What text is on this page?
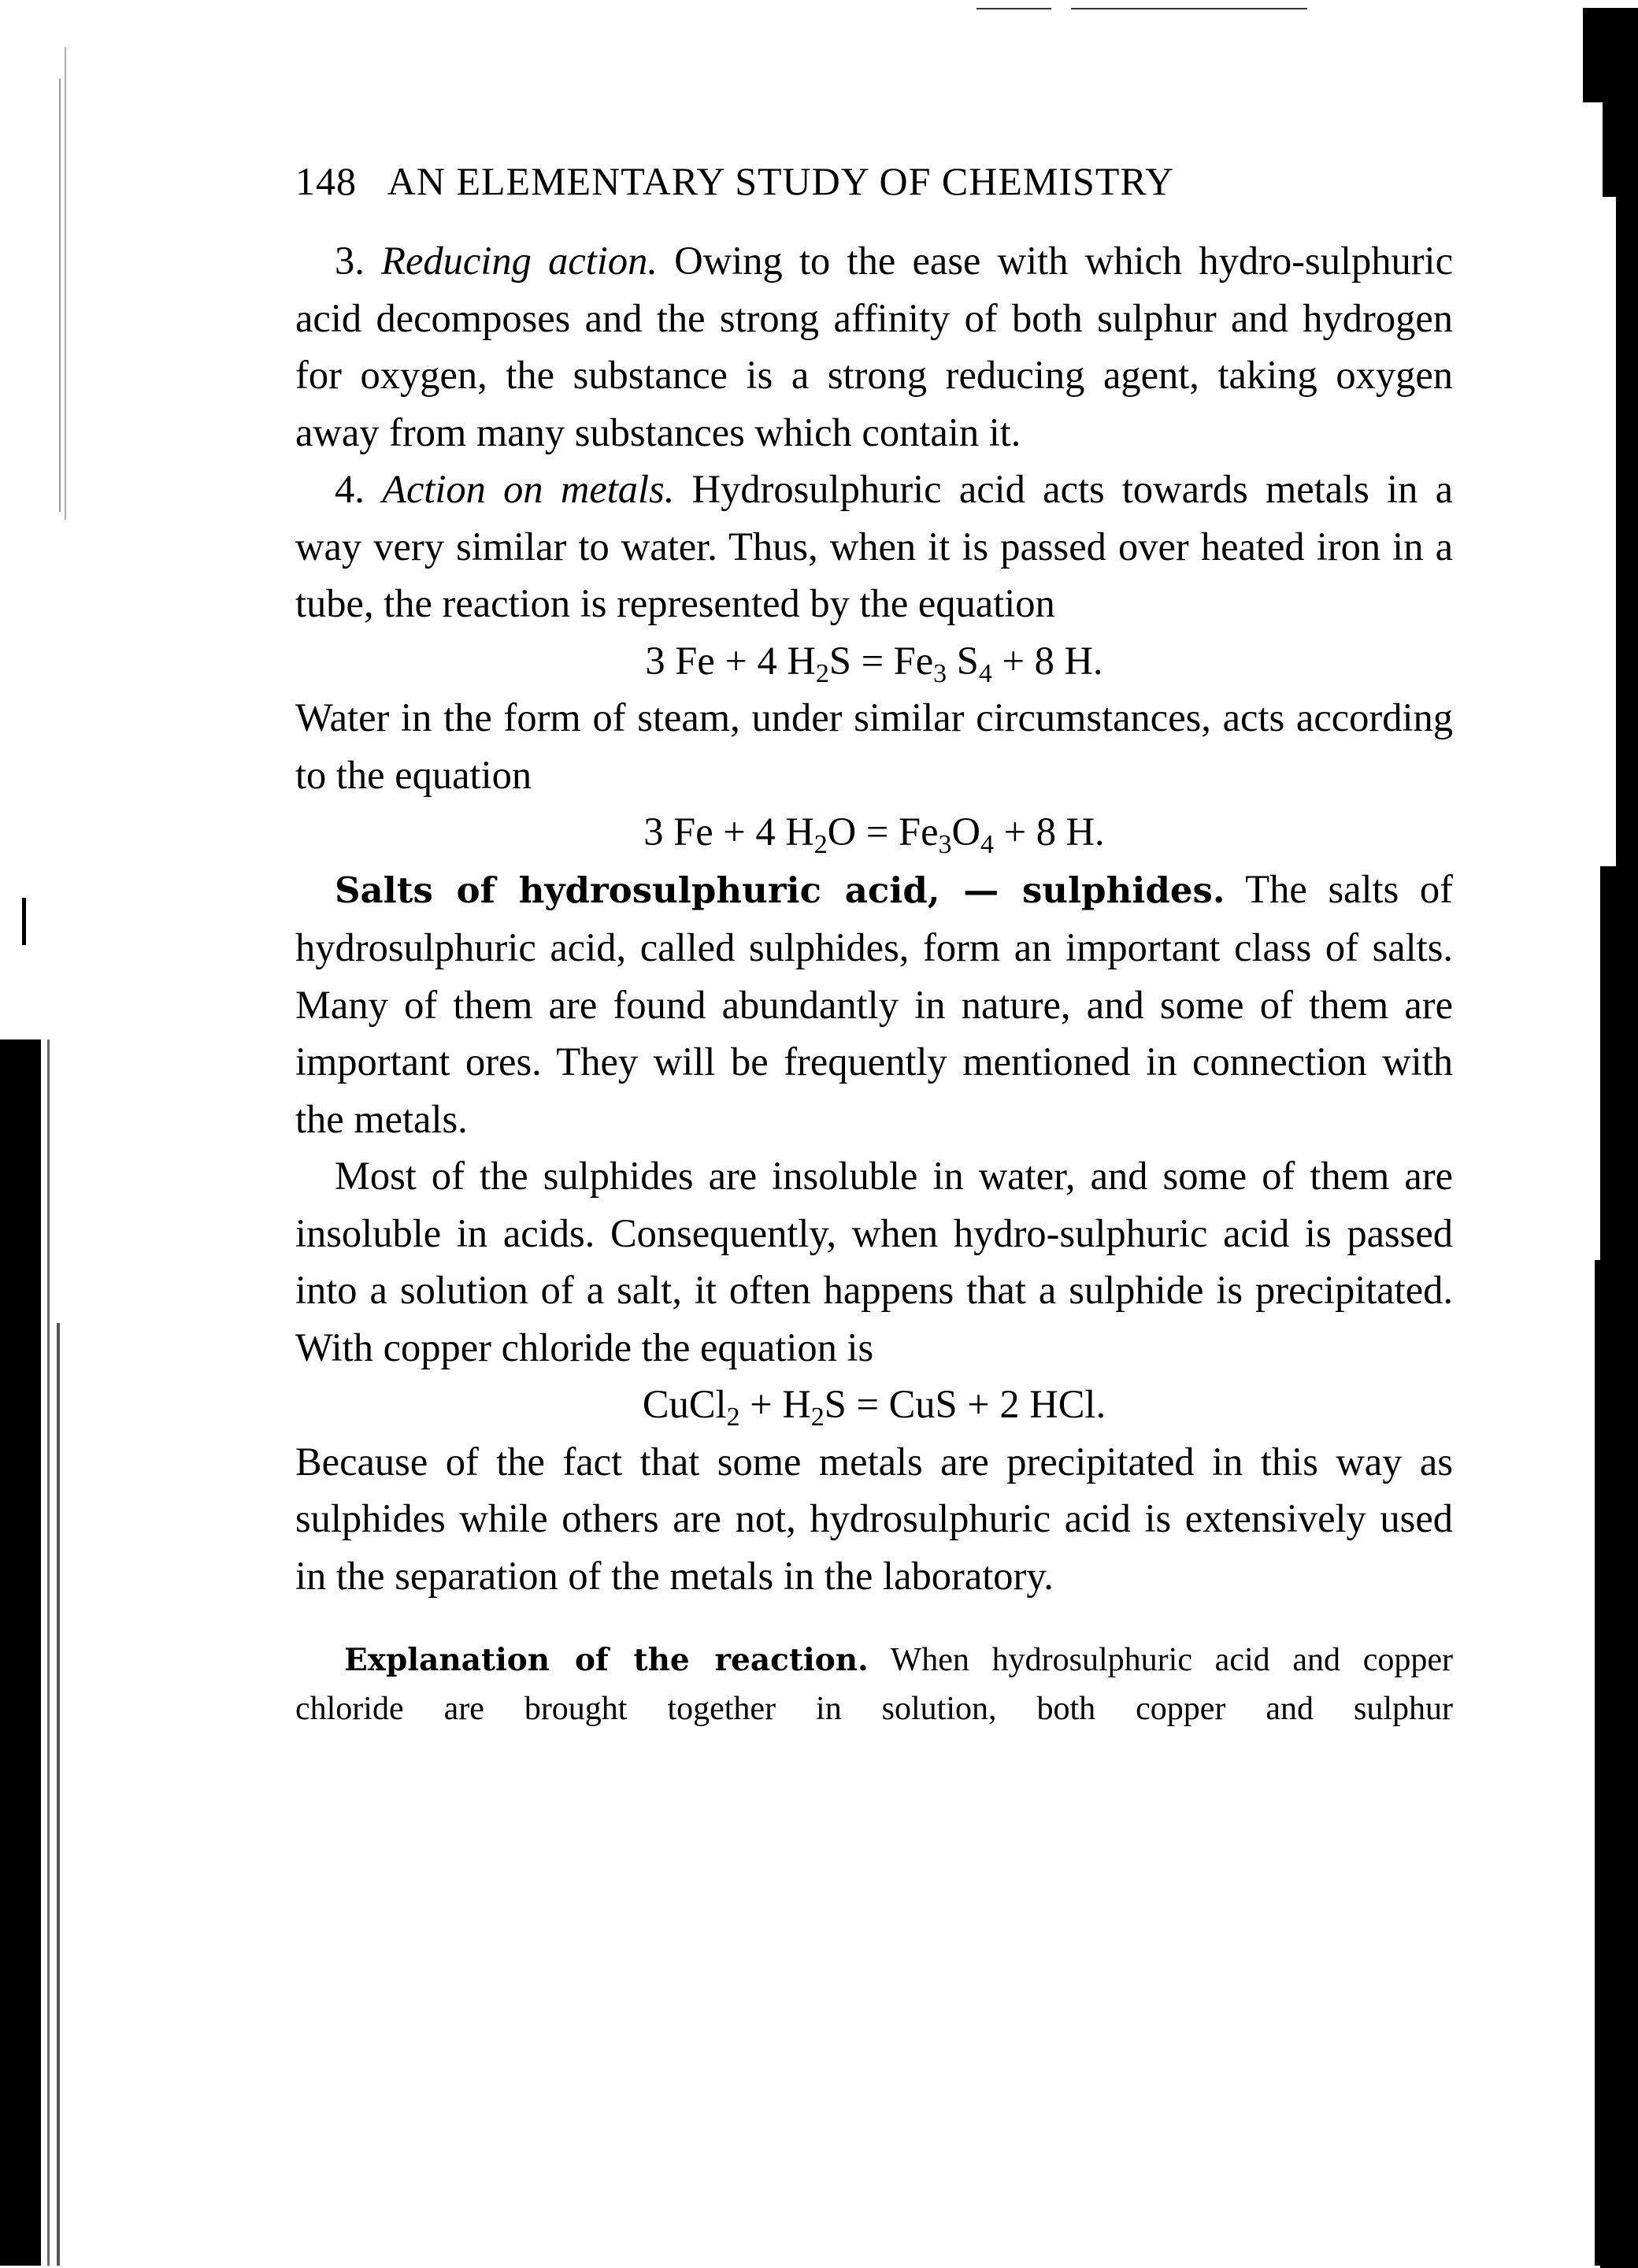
148 AN ELEMENTARY STUDY OF CHEMISTRY

3. Reducing action. Owing to the ease with which hydro-sulphuric acid decomposes and the strong affinity of both sulphur and hydrogen for oxygen, the substance is a strong reducing agent, taking oxygen away from many substances which contain it.

4. Action on metals. Hydrosulphuric acid acts towards metals in a way very similar to water. Thus, when it is passed over heated iron in a tube, the reaction is represented by the equation

3 Fe + 4 $H_2S = Fe_3$ $S_4 + 8$ H.

Water in the form of steam, under similar circumstances, acts according to the equation

3 Fe + 4 $H_2O = Fe_3O_4 + 8$ H.

Salts of hydrosulphuric acid, — sulphides. The salts of hydrosulphuric acid, called sulphides, form an important class of salts. Many of them are found abundantly in nature, and some of them are important ores. They will be frequently mentioned in connection with the metals.

Most of the sulphides are insoluble in water, and some of them are insoluble in acids. Consequently, when hydro-sulphuric acid is passed into a solution of a salt, it often happens that a sulphide is precipitated. With copper chloride the equation is

CuCl$_2$ + $H_2S$ = CuS + 2 HCl.

Because of the fact that some metals are precipitated in this way as sulphides while others are not, hydrosulphuric acid is extensively used in the separation of the metals in the laboratory.

Explanation of the reaction. When hydrosulphuric acid and copper chloride are brought together in solution, both copper and sulphur
